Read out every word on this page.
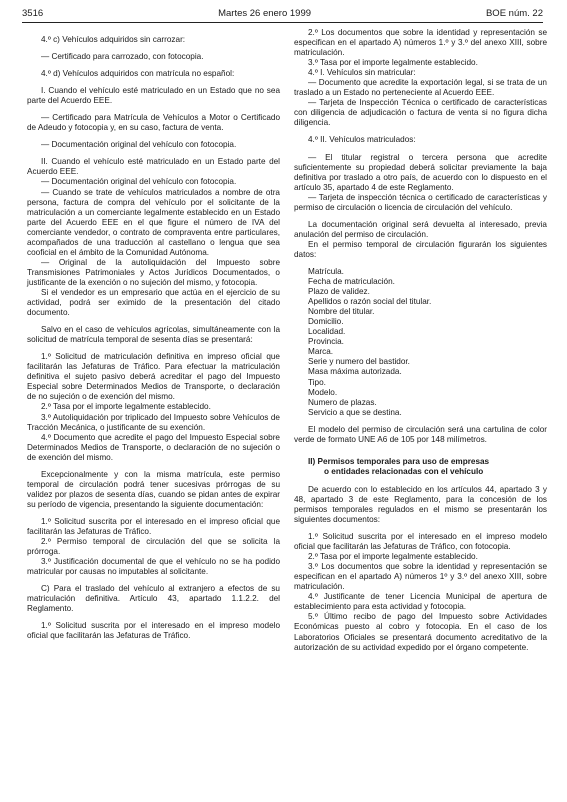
3516	Martes 26 enero 1999	BOE núm. 22

4.º c) Vehículos adquiridos sin carrozar:

— Certificado para carrozado, con fotocopia.

4.º d) Vehículos adquiridos con matrícula no español:

I. Cuando el vehículo esté matriculado en un Estado que no sea parte del Acuerdo EEE.

— Certificado para Matrícula de Vehículos a Motor o Certificado de Adeudo y fotocopia y, en su caso, factura de venta.

— Documentación original del vehículo con fotocopia.

II. Cuando el vehículo esté matriculado en un Estado parte del Acuerdo EEE.

— Documentación original del vehículo con fotocopia.

— Cuando se trate de vehículos matriculados a nombre de otra persona, factura de compra del vehículo por el solicitante de la matriculación a un comerciante legalmente establecido en un Estado parte del Acuerdo EEE en el que figure el número de IVA del comerciante vendedor, o contrato de compraventa entre particulares, acompañados de una traducción al castellano o lengua que sea cooficial en el ámbito de la Comunidad Autónoma.

— Original de la autoliquidación del Impuesto sobre Transmisiones Patrimoniales y Actos Jurídicos Documentados, o justificante de la exención o no sujeción del mismo, y fotocopia.

Si el vendedor es un empresario que actúa en el ejercicio de su actividad, podrá ser eximido de la presentación del citado documento.

Salvo en el caso de vehículos agrícolas, simultáneamente con la solicitud de matrícula temporal de sesenta días se presentará:

1.º Solicitud de matriculación definitiva en impreso oficial que facilitarán las Jefaturas de Tráfico. Para efectuar la matriculación definitiva el sujeto pasivo deberá acreditar el pago del Impuesto Especial sobre Determinados Medios de Transporte, o declaración de no sujeción o de exención del mismo.

2.º Tasa por el importe legalmente establecido.

3.º Autoliquidación por triplicado del Impuesto sobre Vehículos de Tracción Mecánica, o justificante de su exención.

4.º Documento que acredite el pago del Impuesto Especial sobre Determinados Medios de Transporte, o declaración de no sujeción o de exención del mismo.

Excepcionalmente y con la misma matrícula, este permiso temporal de circulación podrá tener sucesivas prórrogas de su validez por plazos de sesenta días, cuando se pidan antes de expirar su período de vigencia, presentando la siguiente documentación:

1.º Solicitud suscrita por el interesado en el impreso oficial que facilitarán las Jefaturas de Tráfico.

2.º Permiso temporal de circulación del que se solicita la prórroga.

3.º Justificación documental de que el vehículo no se ha podido matricular por causas no imputables al solicitante.

C) Para el traslado del vehículo al extranjero a efectos de su matriculación definitiva. Artículo 43, apartado 1.1.2.2. del Reglamento.

1.º Solicitud suscrita por el interesado en el impreso modelo oficial que facilitarán las Jefaturas de Tráfico.

2.º Los documentos que sobre la identidad y representación se especifican en el apartado A) números 1.º y 3.º del anexo XIII, sobre matriculación.

3.º Tasa por el importe legalmente establecido.

4.º I. Vehículos sin matricular:

— Documento que acredite la exportación legal, si se trata de un traslado a un Estado no perteneciente al Acuerdo EEE.

— Tarjeta de Inspección Técnica o certificado de características con diligencia de adjudicación o factura de venta si no figura dicha diligencia.

4.º II. Vehículos matriculados:

— El titular registral o tercera persona que acredite suficientemente su propiedad deberá solicitar previamente la baja definitiva por traslado a otro país, de acuerdo con lo dispuesto en el artículo 35, apartado 4 de este Reglamento.

— Tarjeta de inspección técnica o certificado de características y permiso de circulación o licencia de circulación del vehículo.

La documentación original será devuelta al interesado, previa anulación del permiso de circulación.

En el permiso temporal de circulación figurarán los siguientes datos:

Matrícula.

Fecha de matriculación.

Plazo de validez.

Apellidos o razón social del titular.

Nombre del titular.

Domicilio.

Localidad.

Provincia.

Marca.

Serie y numero del bastidor.

Masa máxima autorizada.

Tipo.

Modelo.

Numero de plazas.

Servicio a que se destina.

El modelo del permiso de circulación será una cartulina de color verde de formato UNE A6 de 105 por 148 milímetros.

II) Permisos temporales para uso de empresas
o entidades relacionadas con el vehículo

De acuerdo con lo establecido en los artículos 44, apartado 3 y 48, apartado 3 de este Reglamento, para la concesión de los permisos temporales regulados en el mismo se presentarán los siguientes documentos:

1.º Solicitud suscrita por el interesado en el impreso modelo oficial que facilitarán las Jefaturas de Tráfico, con fotocopia.

2.º Tasa por el importe legalmente establecido.

3.º Los documentos que sobre la identidad y representación se especifican en el apartado A) números 1º y 3.º del anexo XIII, sobre matriculación.

4.º Justificante de tener Licencia Municipal de apertura de establecimiento para esta actividad y fotocopia.

5.º Último recibo de pago del Impuesto sobre Actividades Económicas puesto al cobro y fotocopia. En el caso de los Laboratorios Oficiales se presentará documento acreditativo de la autorización de su actividad expedido por el órgano competente.
